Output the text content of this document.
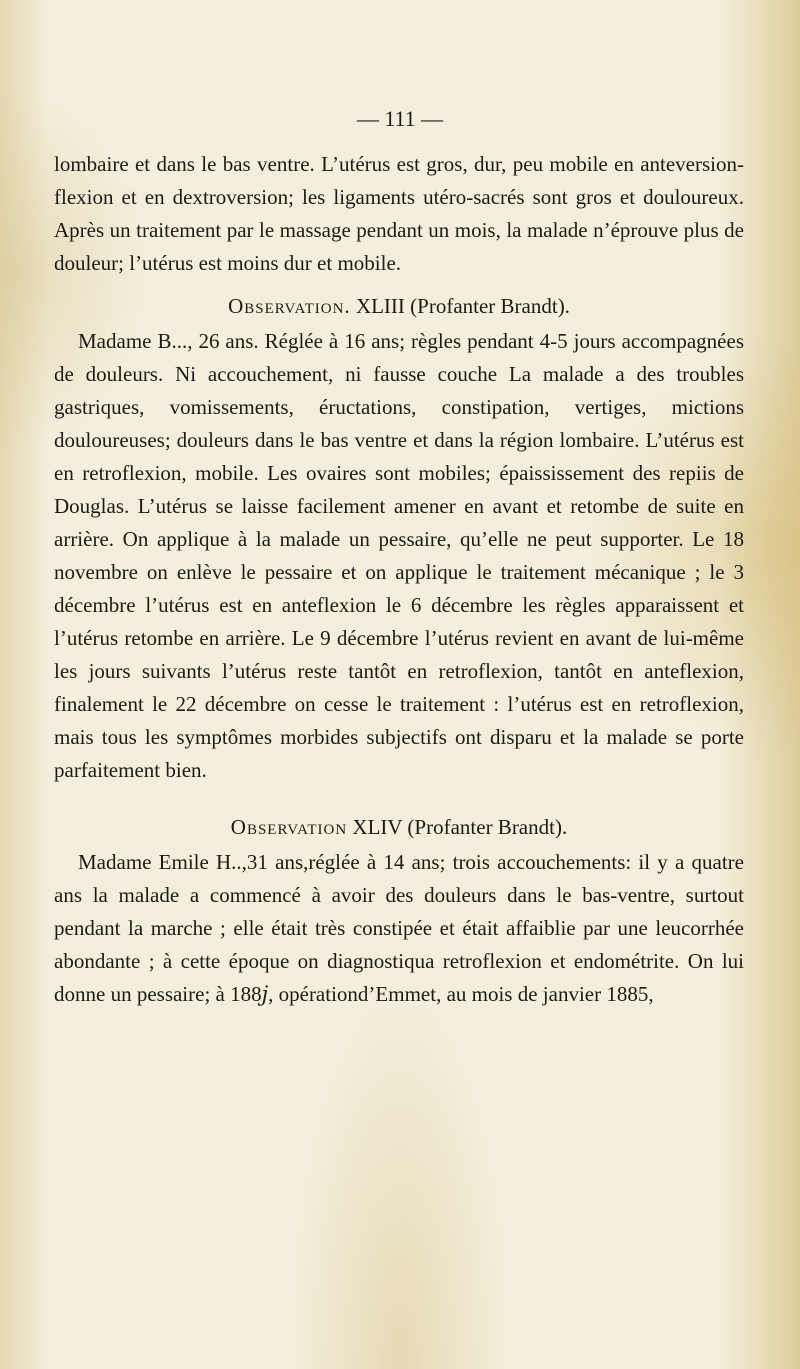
— 111 —

lombaire et dans le bas ventre. L’utérus est gros, dur, peu mobile en anteversion-flexion et en dextroversion; les ligaments utéro-sacrés sont gros et douloureux. Après un traitement par le massage pendant un mois, la malade n’éprouve plus de douleur; l’utérus est moins dur et mobile.

Observation. XLIII (Profanter Brandt).

Madame B..., 26 ans. Réglée à 16 ans; règles pendant 4-5 jours accompagnées de douleurs. Ni accouchement, ni fausse couche La malade a des troubles gastriques, vomissements, éructations, constipation, vertiges, mictions douloureuses; douleurs dans le bas ventre et dans la région lombaire. L’utérus est en retroflexion, mobile. Les ovaires sont mobiles; épaississement des repiis de Douglas. L’utérus se laisse facilement amener en avant et retombe de suite en arrière. On applique à la malade un pessaire, qu’elle ne peut supporter. Le 18 novembre on enlève le pessaire et on applique le traitement mécanique ; le 3 décembre l’utérus est en anteflexion le 6 décembre les règles apparaissent et l’utérus retombe en arrière. Le 9 décembre l’utérus revient en avant de lui-même les jours suivants l’utérus reste tantôt en retroflexion, tantôt en anteflexion, finalement le 22 décembre on cesse le traitement : l’utérus est en retroflexion, mais tous les symptômes morbides subjectifs ont disparu et la malade se porte parfaitement bien.

Observation XLIV (Profanter Brandt).

Madame Emile H..,31 ans,réglée à 14 ans; trois accouchements: il y a quatre ans la malade a commencé à avoir des douleurs dans le bas-ventre, surtout pendant la marche ; elle était très constipée et était affaiblie par une leucorrhée abondante ; à cette époque on diagnostiqua retroflexion et endométrite. On lui donne un pessaire; à 188𝑗, opérationd’Emmet, au mois de janvier 1885,
